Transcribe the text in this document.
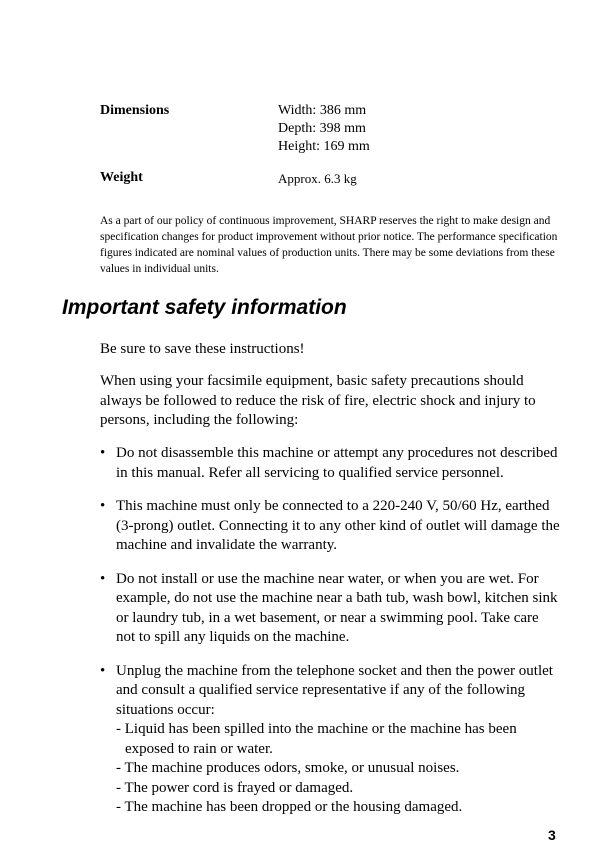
Dimensions	Width: 386 mm
Depth: 398 mm
Height: 169 mm
Weight	Approx. 6.3 kg
As a part of our policy of continuous improvement, SHARP reserves the right to make design and specification changes for product improvement without prior notice. The performance specification figures indicated are nominal values of production units. There may be some deviations from these values in individual units.
Important safety information
Be sure to save these instructions!
When using your facsimile equipment, basic safety precautions should always be followed to reduce the risk of fire, electric shock and injury to persons, including the following:
• Do not disassemble this machine or attempt any procedures not described in this manual. Refer all servicing to qualified service personnel.
• This machine must only be connected to a 220-240 V, 50/60 Hz, earthed (3-prong) outlet. Connecting it to any other kind of outlet will damage the machine and invalidate the warranty.
• Do not install or use the machine near water, or when you are wet. For example, do not use the machine near a bath tub, wash bowl, kitchen sink or laundry tub, in a wet basement, or near a swimming pool. Take care not to spill any liquids on the machine.
• Unplug the machine from the telephone socket and then the power outlet and consult a qualified service representative if any of the following situations occur:
- Liquid has been spilled into the machine or the machine has been
exposed to rain or water.
- The machine produces odors, smoke, or unusual noises.
- The power cord is frayed or damaged.
- The machine has been dropped or the housing damaged.
3
